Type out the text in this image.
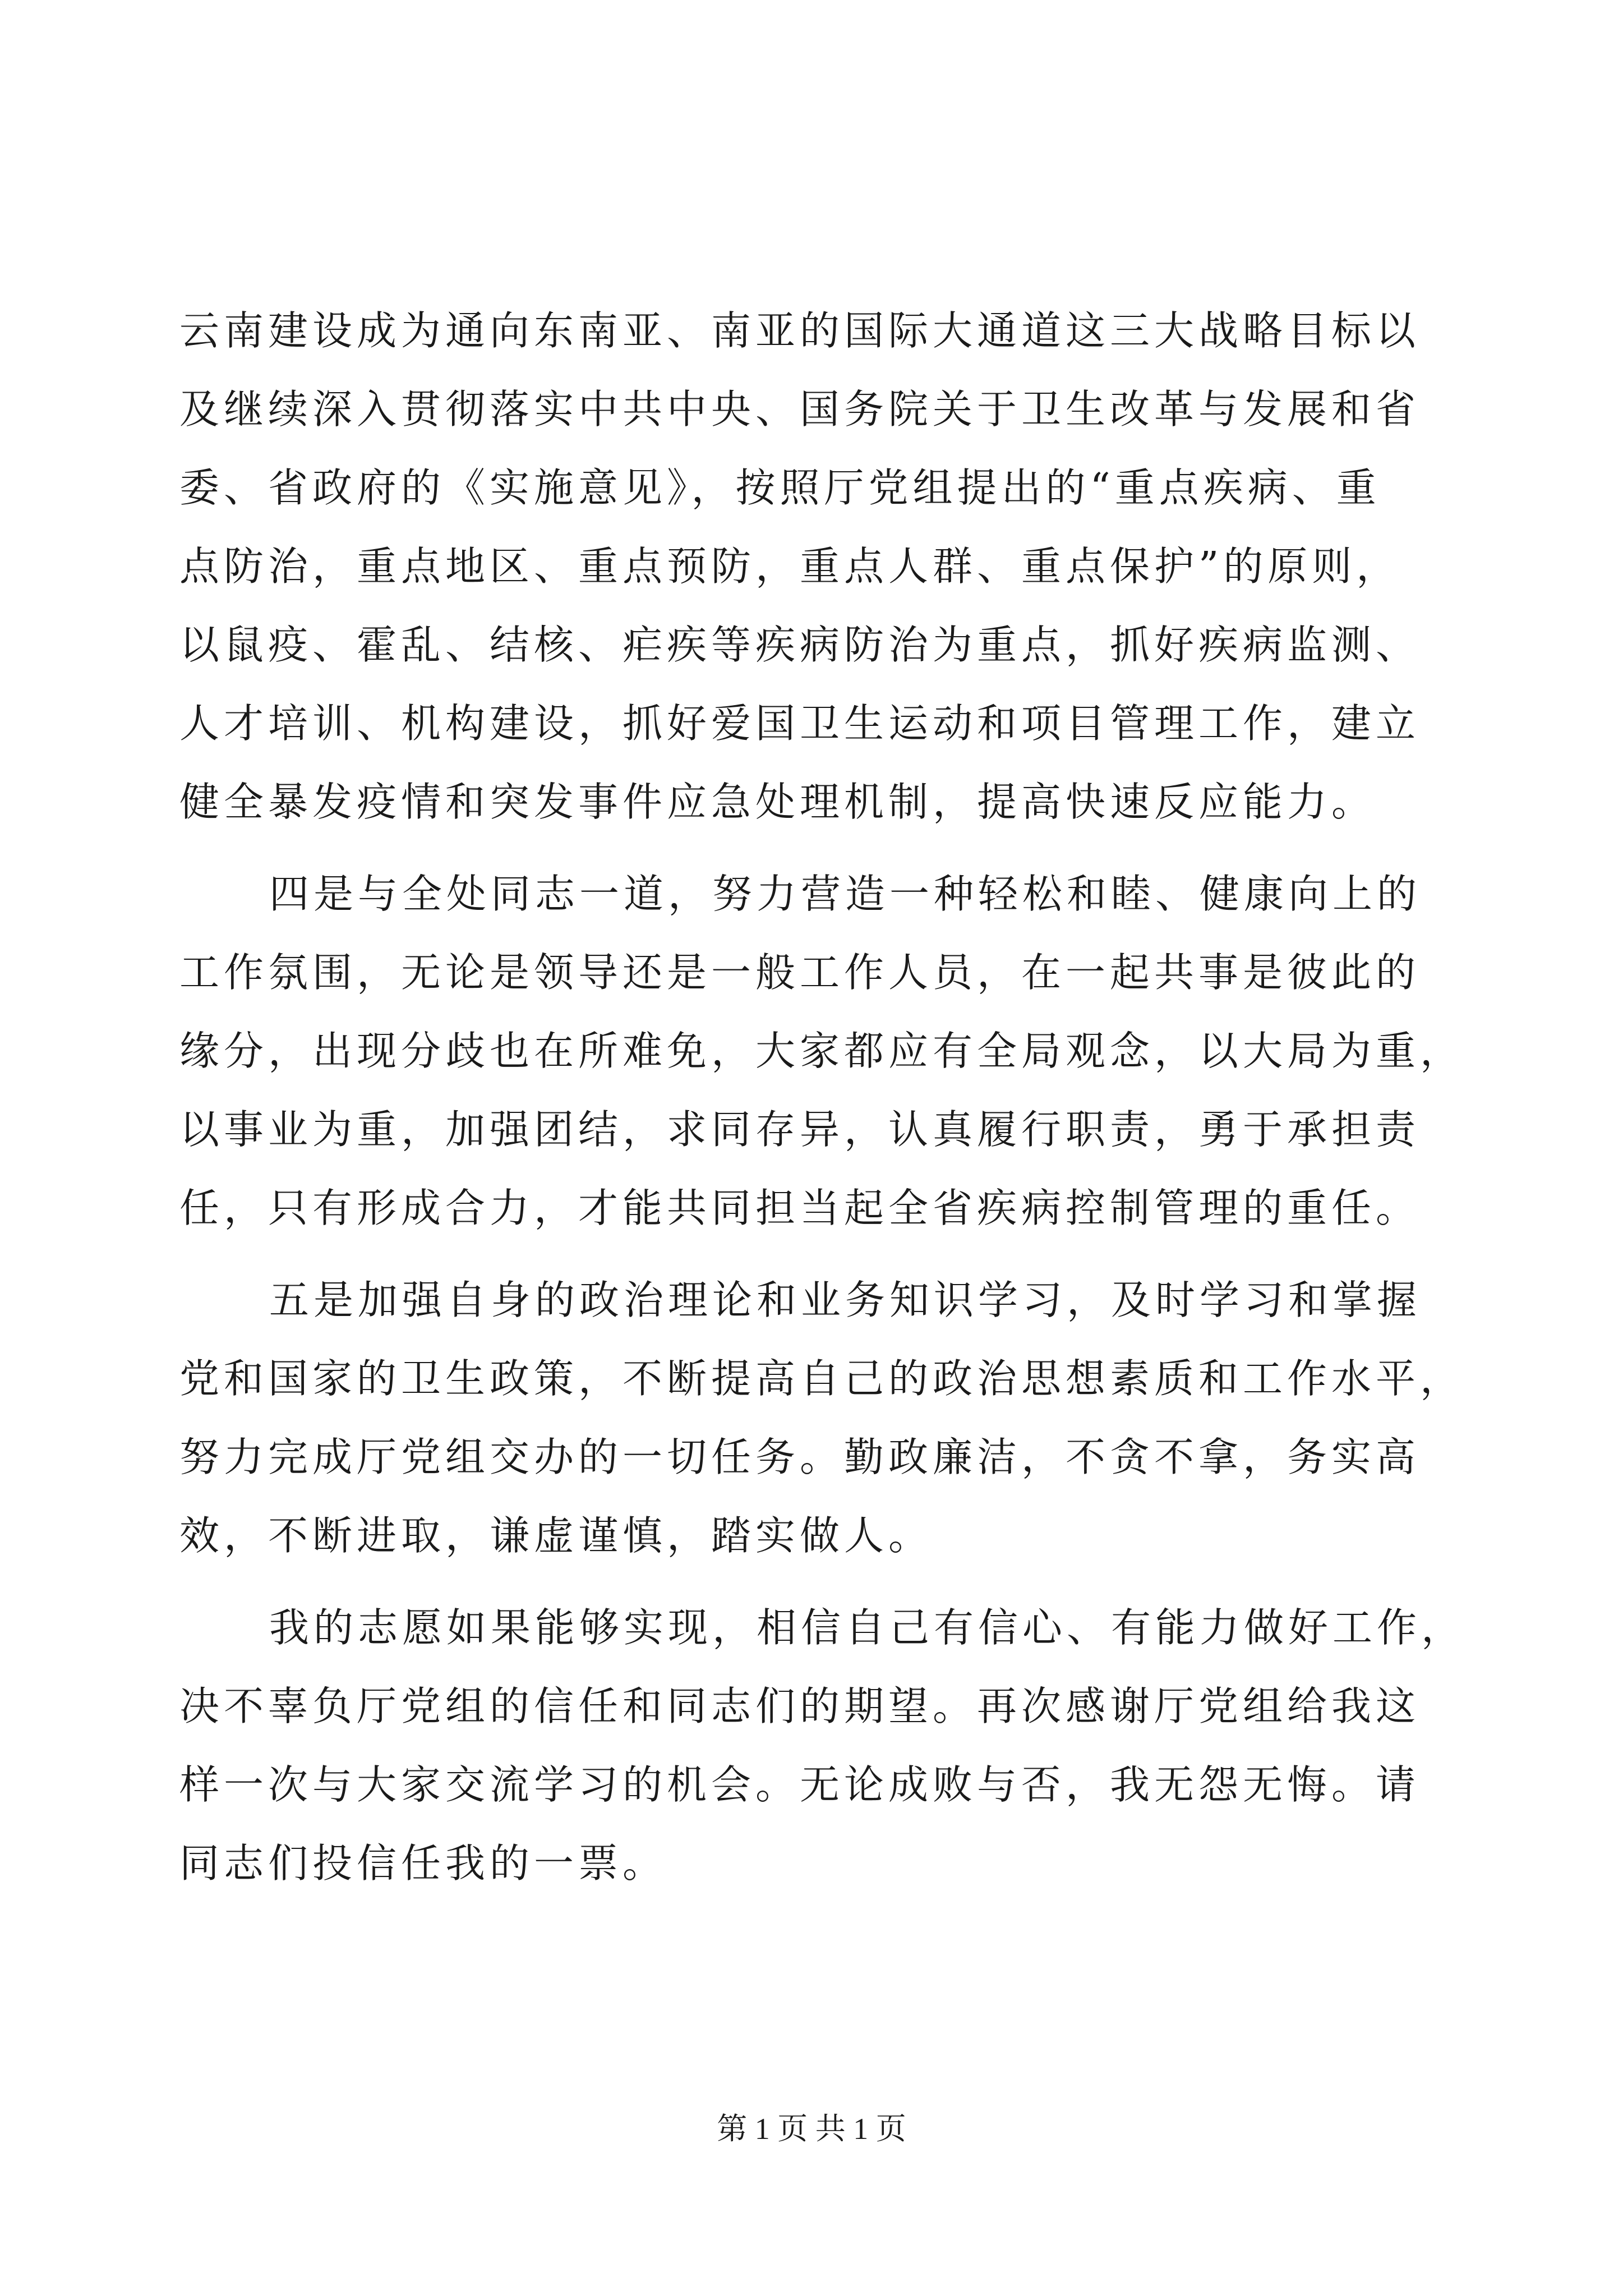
云南建设成为通向东南亚、南亚的国际大通道这三大战略目标以
及继续深入贯彻落实中共中央、国务院关于卫生改革与发展和省
委、省政府的《实施意见》，按照厅党组提出的“重点疾病、重
点防治，重点地区、重点预防，重点人群、重点保护”的原则，
以鼠疫、霍乱、结核、疟疾等疾病防治为重点，抓好疾病监测、
人才培训、机构建设，抓好爱国卫生运动和项目管理工作，建立
健全暴发疫情和突发事件应急处理机制，提高快速反应能力。
四是与全处同志一道，努力营造一种轻松和睦、健康向上的
工作氛围，无论是领导还是一般工作人员，在一起共事是彼此的
缘分，出现分歧也在所难免，大家都应有全局观念，以大局为重，
以事业为重，加强团结，求同存异，认真履行职责，勇于承担责
任，只有形成合力，才能共同担当起全省疾病控制管理的重任。
五是加强自身的政治理论和业务知识学习，及时学习和掌握
党和国家的卫生政策，不断提高自己的政治思想素质和工作水平，
努力完成厅党组交办的一切任务。勤政廉洁，不贪不拿，务实高
效，不断进取，谦虚谨慎，踏实做人。
我的志愿如果能够实现，相信自己有信心、有能力做好工作，
决不辜负厅党组的信任和同志们的期望。再次感谢厅党组给我这
样一次与大家交流学习的机会。无论成败与否，我无怨无悔。请
同志们投信任我的一票。
第 1 页 共 1 页
